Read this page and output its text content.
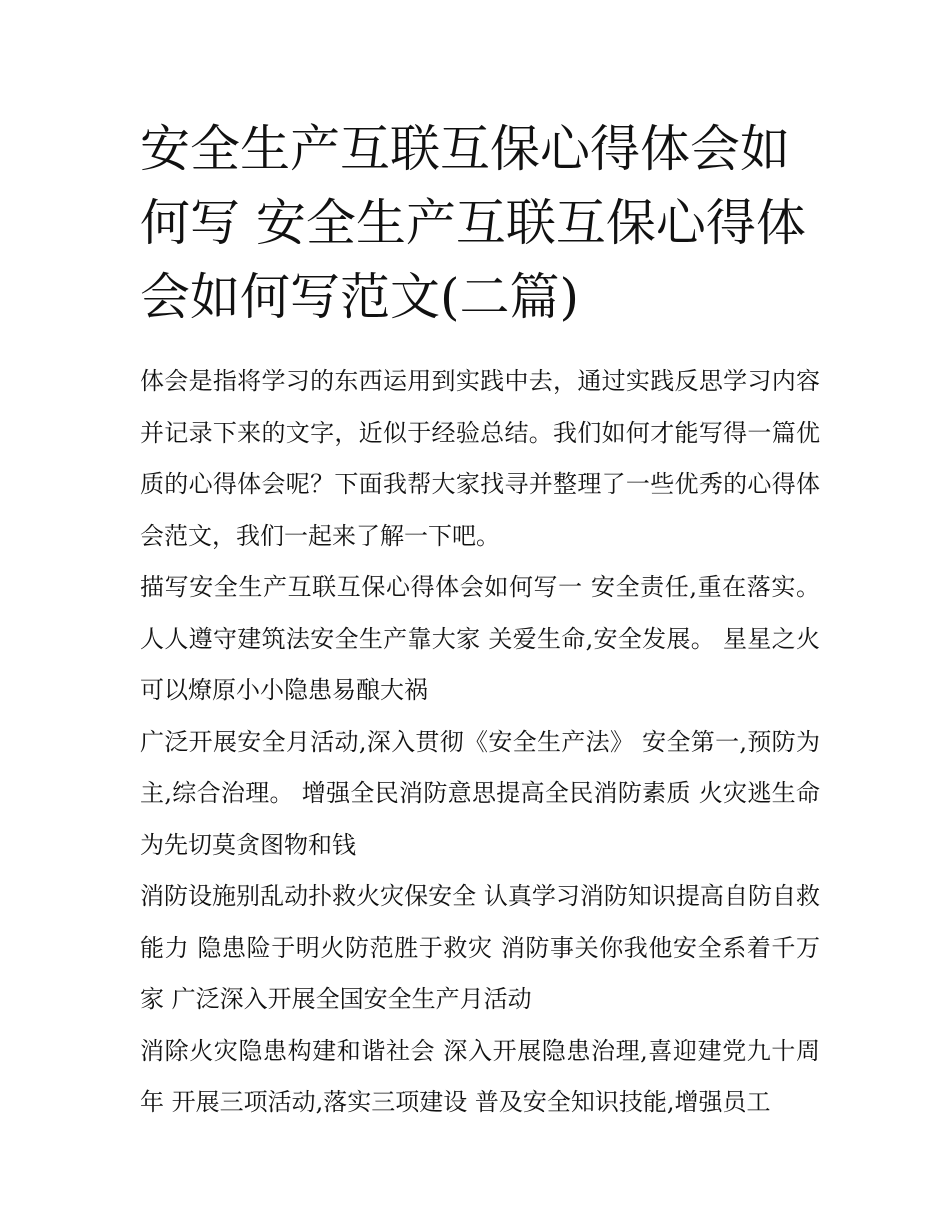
安全生产互联互保心得体会如何写 安全生产互联互保心得体会如何写范文(二篇)

体会是指将学习的东西运用到实践中去，通过实践反思学习内容并记录下来的文字，近似于经验总结。我们如何才能写得一篇优质的心得体会呢？下面我帮大家找寻并整理了一些优秀的心得体会范文，我们一起来了解一下吧。

描写安全生产互联互保心得体会如何写一 安全责任,重在落实。 人人遵守建筑法安全生产靠大家 关爱生命,安全发展。 星星之火可以燎原小小隐患易酿大祸

广泛开展安全月活动,深入贯彻《安全生产法》 安全第一,预防为主,综合治理。 增强全民消防意思提高全民消防素质 火灾逃生命为先切莫贪图物和钱

消防设施别乱动扑救火灾保安全 认真学习消防知识提高自防自救能力 隐患险于明火防范胜于救灾 消防事关你我他安全系着千万家 广泛深入开展全国安全生产月活动

消除火灾隐患构建和谐社会 深入开展隐患治理,喜迎建党九十周年 开展三项活动,落实三项建设 普及安全知识技能,增强员工
